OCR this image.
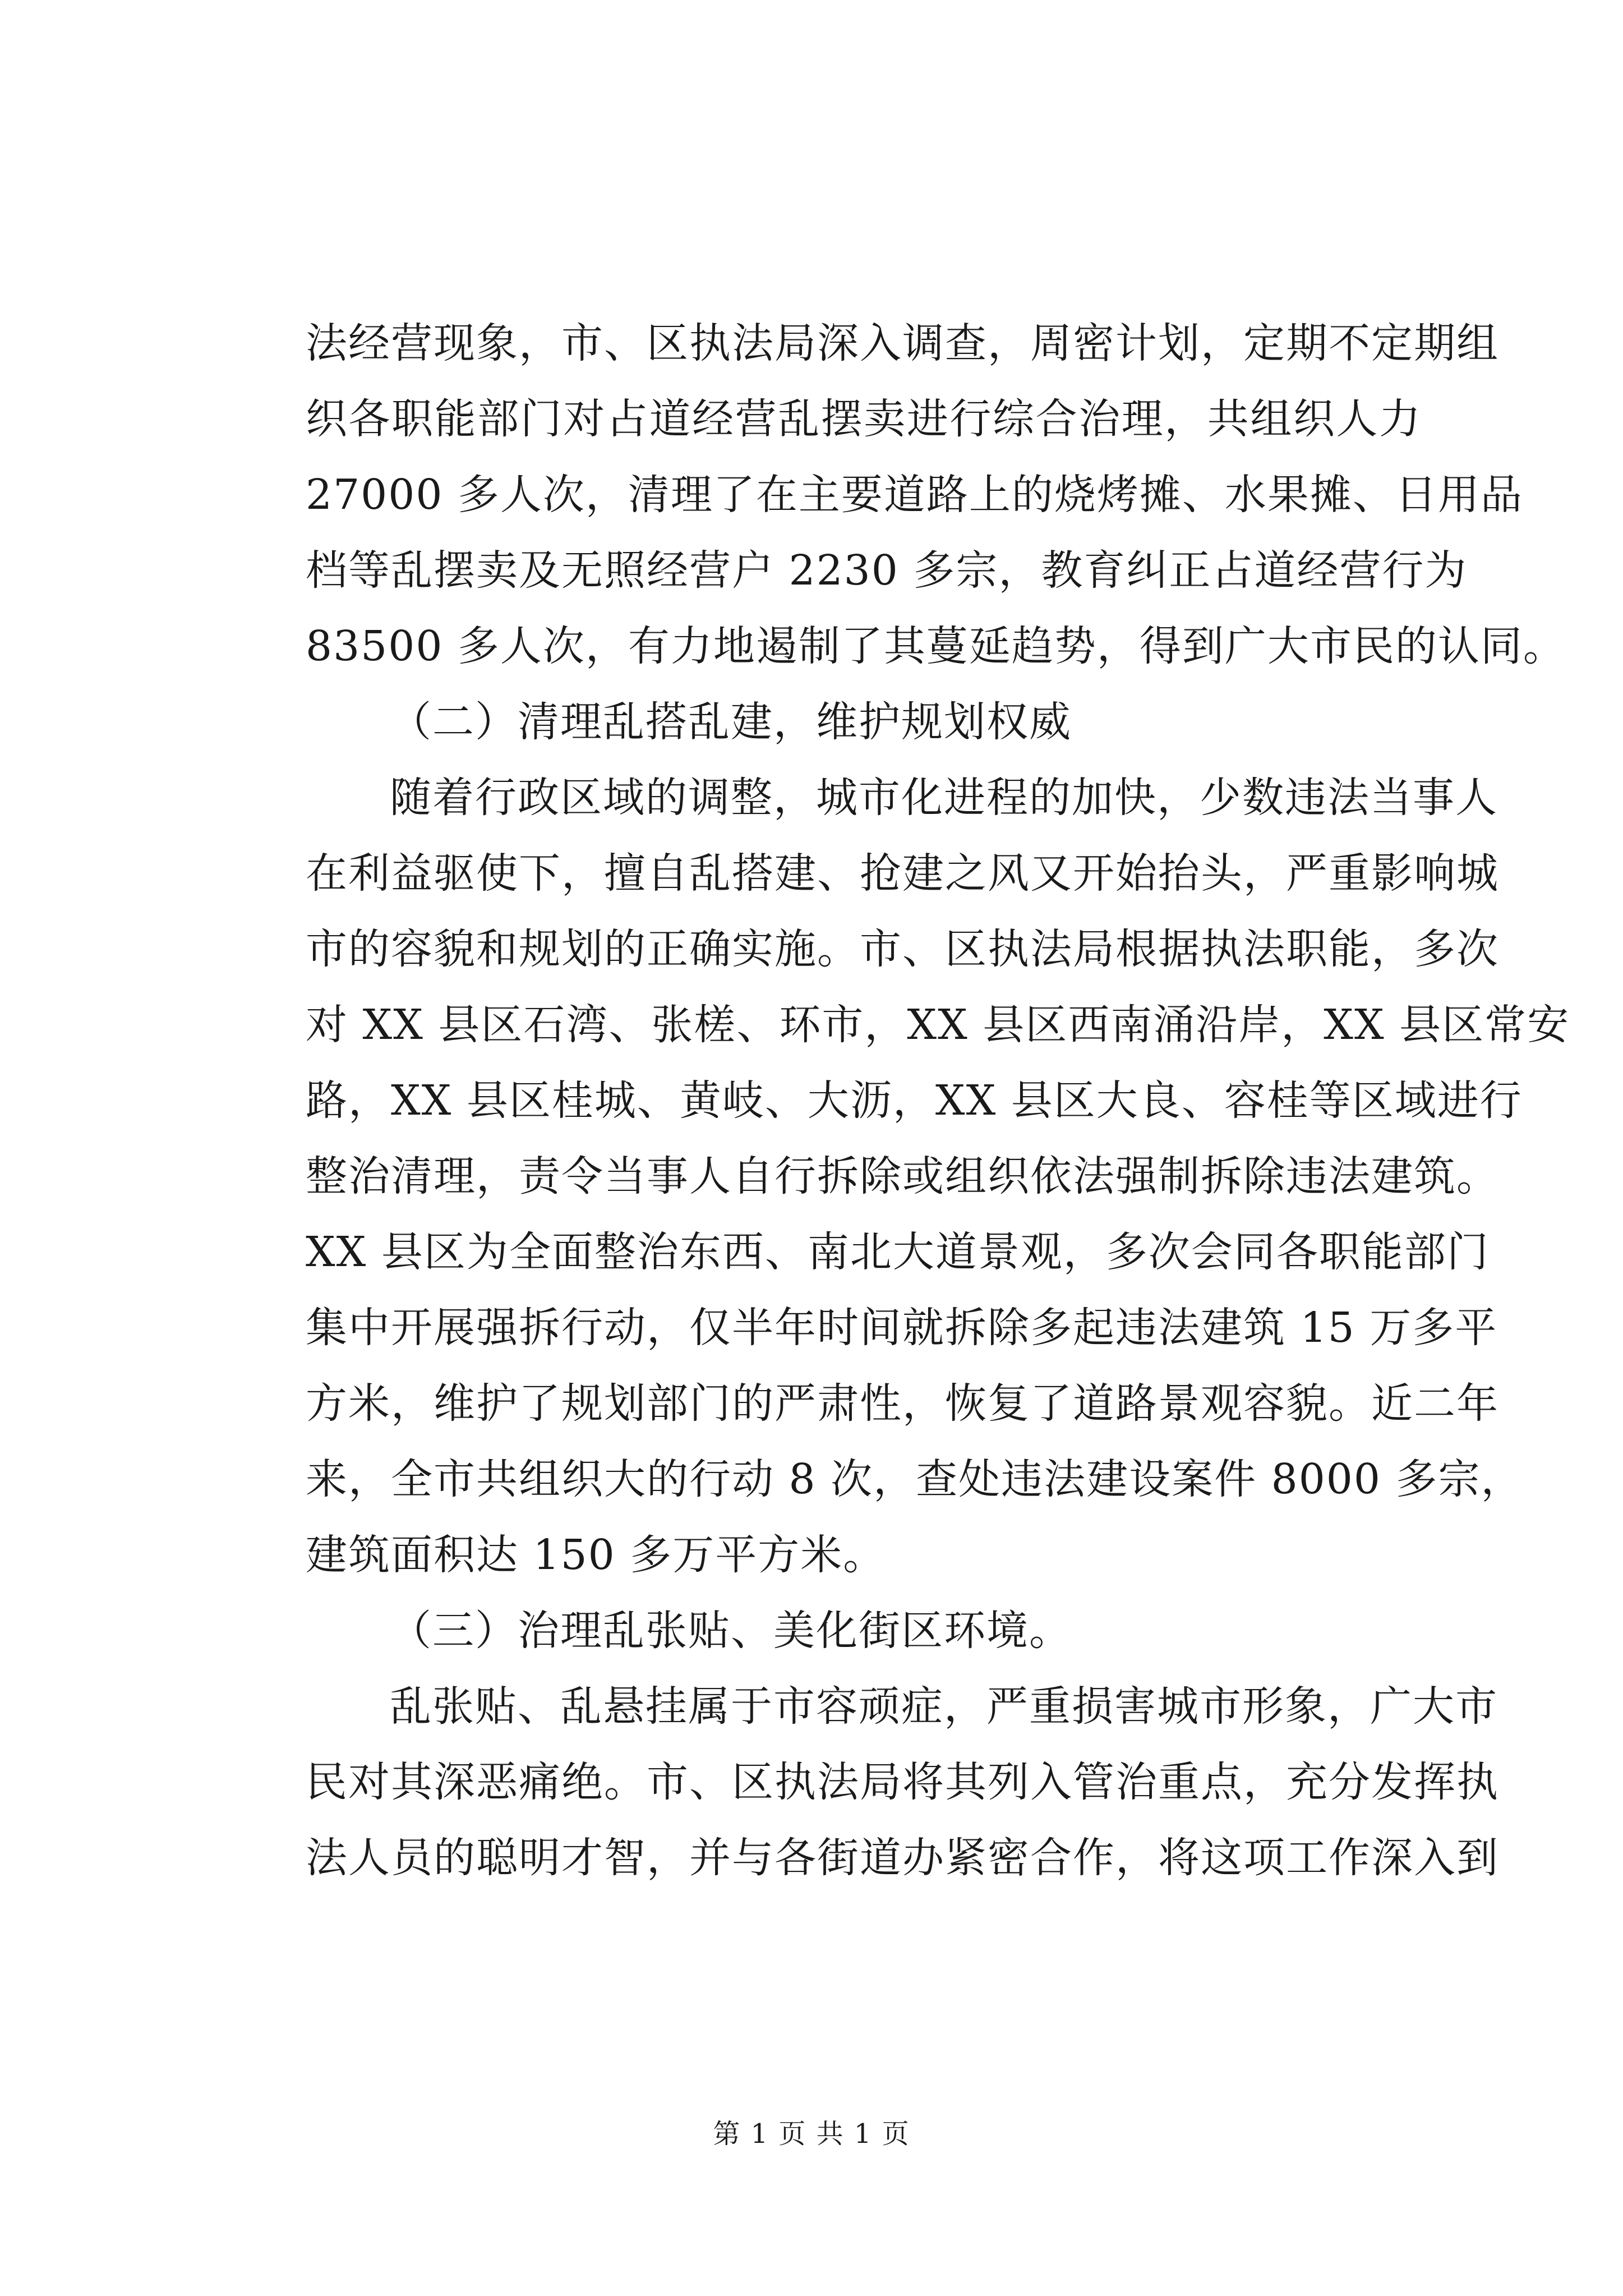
法经营现象，市、区执法局深入调查，周密计划，定期不定期组
织各职能部门对占道经营乱摆卖进行综合治理，共组织人力
27000 多人次，清理了在主要道路上的烧烤摊、水果摊、日用品
档等乱摆卖及无照经营户 2230 多宗，教育纠正占道经营行为
83500 多人次，有力地遏制了其蔓延趋势，得到广大市民的认同。
（二）清理乱搭乱建，维护规划权威
随着行政区域的调整，城市化进程的加快，少数违法当事人
在利益驱使下，擅自乱搭建、抢建之风又开始抬头，严重影响城
市的容貌和规划的正确实施。市、区执法局根据执法职能，多次
对 XX 县区石湾、张槎、环市，XX 县区西南涌沿岸，XX 县区常安
路，XX 县区桂城、黄岐、大沥，XX 县区大良、容桂等区域进行
整治清理，责令当事人自行拆除或组织依法强制拆除违法建筑。
XX 县区为全面整治东西、南北大道景观，多次会同各职能部门
集中开展强拆行动，仅半年时间就拆除多起违法建筑 15 万多平
方米，维护了规划部门的严肃性，恢复了道路景观容貌。近二年
来，全市共组织大的行动 8 次，查处违法建设案件 8000 多宗，
建筑面积达 150 多万平方米。
（三）治理乱张贴、美化街区环境。
乱张贴、乱悬挂属于市容顽症，严重损害城市形象，广大市
民对其深恶痛绝。市、区执法局将其列入管治重点，充分发挥执
法人员的聪明才智，并与各街道办紧密合作，将这项工作深入到
第 1 页 共 1 页
